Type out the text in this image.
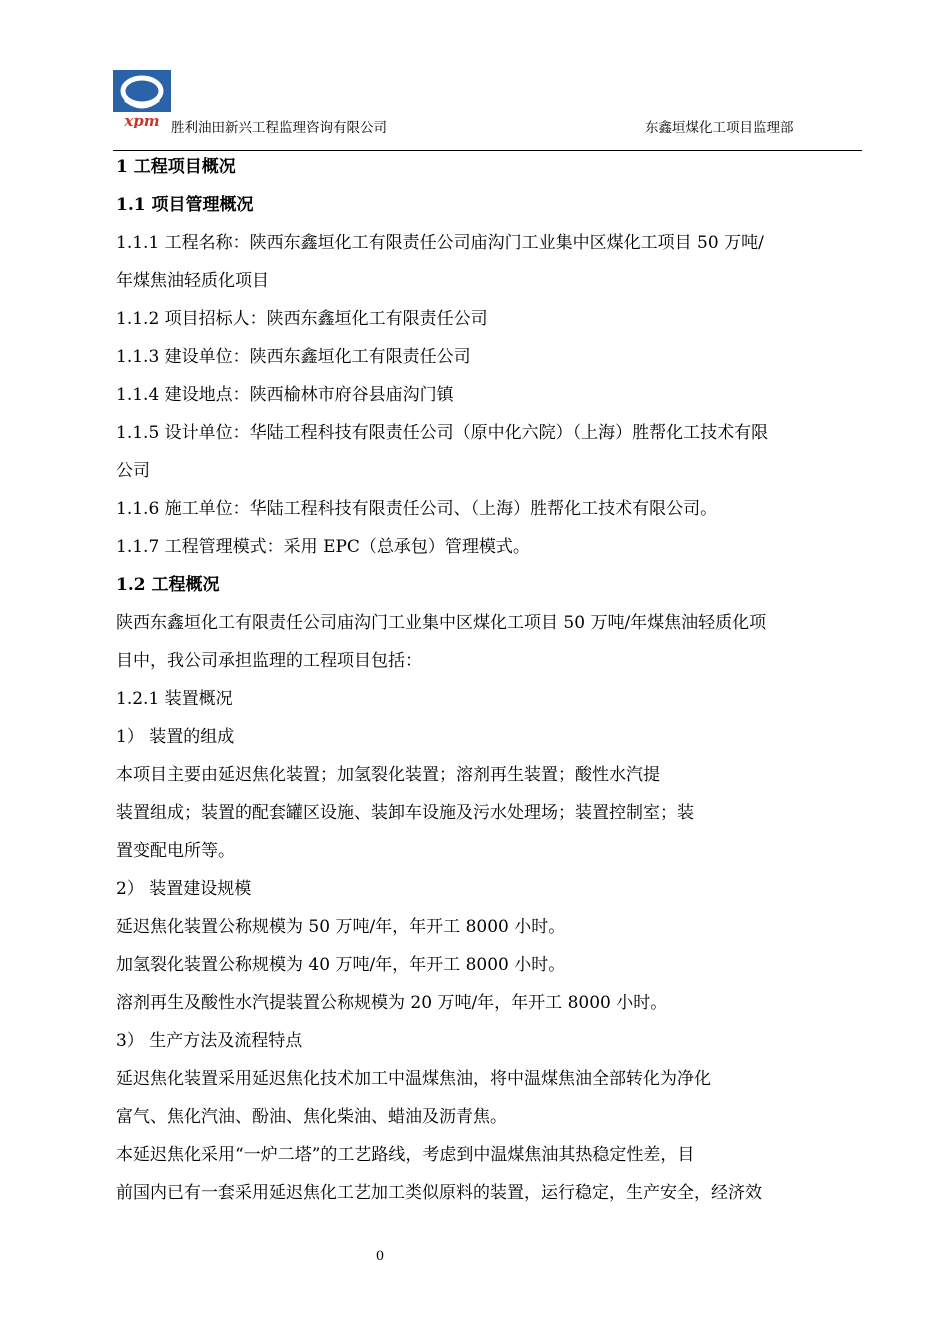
xpm 胜利油田新兴工程监理咨询有限公司	东鑫垣煤化工项目监理部
1 工程项目概况
1.1 项目管理概况
1.1.1 工程名称：陕西东鑫垣化工有限责任公司庙沟门工业集中区煤化工项目 50 万吨/
年煤焦油轻质化项目
1.1.2 项目招标人：陕西东鑫垣化工有限责任公司
1.1.3 建设单位：陕西东鑫垣化工有限责任公司
1.1.4 建设地点：陕西榆林市府谷县庙沟门镇
1.1.5 设计单位：华陆工程科技有限责任公司（原中化六院）（上海）胜帮化工技术有限
公司
1.1.6 施工单位：华陆工程科技有限责任公司、（上海）胜帮化工技术有限公司。
1.1.7 工程管理模式：采用 EPC（总承包）管理模式。
1.2 工程概况
陕西东鑫垣化工有限责任公司庙沟门工业集中区煤化工项目 50 万吨/年煤焦油轻质化项
目中，我公司承担监理的工程项目包括：
1.2.1 装置概况
1） 装置的组成
本项目主要由延迟焦化装置；加氢裂化装置；溶剂再生装置；酸性水汽提
装置组成；装置的配套罐区设施、装卸车设施及污水处理场；装置控制室；装
置变配电所等。
2） 装置建设规模
延迟焦化装置公称规模为 50 万吨/年，年开工 8000 小时。
加氢裂化装置公称规模为 40 万吨/年，年开工 8000 小时。
溶剂再生及酸性水汽提装置公称规模为 20 万吨/年，年开工 8000 小时。
3） 生产方法及流程特点
延迟焦化装置采用延迟焦化技术加工中温煤焦油，将中温煤焦油全部转化为净化
富气、焦化汽油、酚油、焦化柴油、蜡油及沥青焦。
本延迟焦化采用“一炉二塔”的工艺路线，考虑到中温煤焦油其热稳定性差，目
前国内已有一套采用延迟焦化工艺加工类似原料的装置，运行稳定，生产安全，经济效
0
